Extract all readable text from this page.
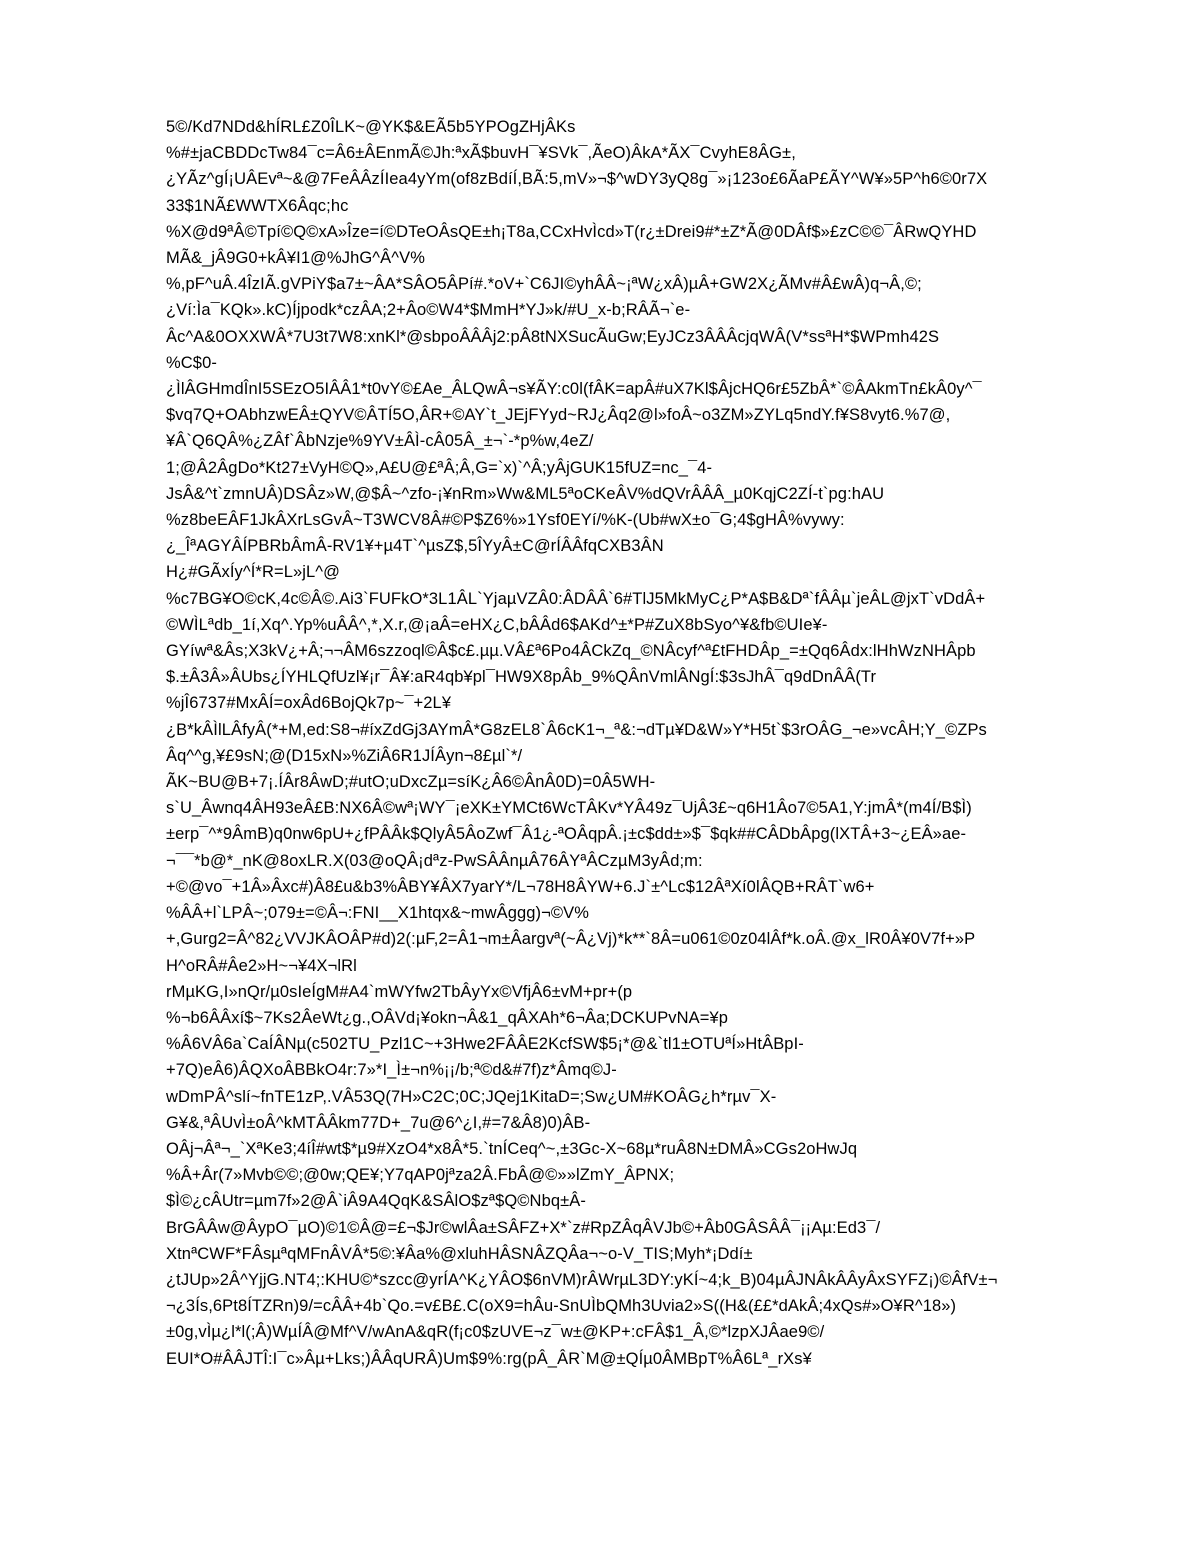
5©/Kd7NDd&hÍRL£Z0ÎLK~@YK$&EÃ5b5YPOgZHjÂKs
%#±jaCBDDcTw84¯c=Â6±ÂEnmÃ©Jh:ªxÃ$buvH¯¥SVk¯,ÃeO)ÂkA*ÃX¯CvyhE8ÂG±,
¿YÃz^gÍ¡UÂEvª~&@7FeÂÂzÍIea4yYm(of8zBdíÍ,BÃ:5,mV»¬$^wDY3yQ8g¯»¡123o£6ÃaP£ÃY^W¥»5P^h6©0r7X
33$1NÃ£WWTX6Âqc;hc
%X@d9ªÂ©Tpí©Q©xA»Îze=í©DTeOÂsQE±h¡T8a,CCxHvÌcd»T(r¿±Drei9#*±Z*Ã@0DÂf$»£zC©©¯ÂRwQYHD
MÃ&_jÂ9G0+kÂ¥I1@%JhG^Â^V%
%,pF^uÂ.4ÎzIÃ.gVPiY$a7±~ÂA*SÂO5ÂPí#.*oV+`C6JI©yhÂÂ~¡ªW¿xÂ)µÂ+GW2X¿ÃMv#Â£wÂ)q¬Â,©;
¿Ví:Ìa¯KQk».kC)Íjpodk*czÂA;2+Âo©W4*$MmH*YJ»k/#U_x-b;RÂÃ¬`e-
Âc^A&0OXXWÂ*7U3t7W8:xnKl*@sbpoÂÂÂj2:pÂ8tNXSucÃuGw;EyJCz3ÂÂÂcjqWÂ(V*ssªH*$WPmh42S
%C$0-
¿ÌlÂGHmdÎnI5SEzO5IÂÂ1*t0vY©£Ae_ÂLQwÂ¬s¥ÃY:c0l(fÂK=apÂ#uX7Kl$ÂjcHQ6r£5ZbÂ*`©ÂAkmTn£kÂ0y^¯
$vq7Q+OAbhzwEÂ±QYV©ÂTÍ5O,ÂR+©AY`t_JEjFYyd~RJ¿Âq2@l»foÂ~o3ZM»ZYLq5ndY.f¥S8vyt6.%7@,
¥Â`Q6QÂ%¿ZÂf`ÂbNzje%9YV±ÂÌ-cÂ05Â_±¬`-*p%w,4eZ/
1;@Â2ÂgDo*Kt27±VyH©Q»,A£U@£ªÂ;Â,G=`x)`^Â;yÂjGUK15fUZ=nc_¯4-
JsÂ&^t`zmnUÂ)DSÂz»W,@$Â~^zfo-¡¥nRm»Ww&ML5ªoCKeÂV%dQVrÂÂÂ_µ0KqjC2ZÍ-t`pg:hAU
%z8beEÂF1JkÂXrLsGvÂ~T3WCV8Â#©P$Z6%»1Ysf0EYí/%K-(Ub#wX±o¯G;4$gHÂ%vywy:
¿_ÎªAGYÂÍPBRbÂmÂ-RV1¥+µ4T`^µsZ$,5ÎYyÂ±C@rÍÂÂfqCXB3ÂN
H¿#GÃxÍy^Í*R=L»jL^@
%c7BG¥O©cK,4c©Â©.Ai3`FUFkO*3L1ÂL`YjaµVZÂ0:ÂDÂÂ`6#TlJ5MkMyC¿P*A$B&Dª`fÂÂµ`jeÂL@jxT`vDdÂ+
©WÌLªdb_1í,Xq^.Yp%uÂÂ^,*,X.r,@¡aÂ=eHX¿C,bÂÂd6$AKd^±*P#ZuX8bSyo^¥&fb©UIe¥-
GYíwª&Âs;X3kV¿+Â;¬¬ÂM6szzoql©Â$c£.µµ.VÂ£ª6Po4ÂCkZq_©NÂcyf^ª£tFHDÂp_=±Qq6Âdx:lHhWzNHÂpb
$.±Â3Â»ÂUbs¿ÍYHLQfUzl¥¡r¯Â¥:aR4qb¥pl¯HW9X8pÂb_9%QÂnVmlÂNgÍ:$3sJhÂ¯q9dDnÂÂ(Tr
%jÎ6737#MxÂÍ=oxÂd6BojQk7p~¯+2L¥
¿B*kÂÌlLÂfyÂ(*+M,ed:S8¬#íxZdGj3AYmÂ*G8zEL8`Â6cK1¬_ª&:¬dTµ¥D&W»Y*H5t`$3rOÂG_¬e»vcÂH;Y_©ZPs
Âq^^g,¥£9sN;@(D15xN»%ZiÂ6R1JÍÂyn¬8£µl`*/
ÃK~BU@B+7¡.ÍÂr8ÂwD;#utO;uDxcZµ=síK¿Â6©ÂnÂ0D)=0Â5WH-
s`U_Âwnq4ÂH93eÂ£B:NX6Â©wª¡WY¯¡eXK±YMCt6WcTÂKv*YÂ49z¯UjÂ3£~q6H1Âo7©5A1,Y:jmÂ*(m4Í/B$Ì)
±erp¯^*9ÂmB)q0nw6pU+¿fPÂÂk$QlyÂ5ÂoZwf¯Â1¿-ªOÂqpÂ.¡±c$dd±»$¯$qk##CÂDbÂpg(lXTÂ+3~¿EÂ»ae-
¬¯¯*b@*_nK@8oxLR.X(03@oQÂ¡dªz-PwSÂÂnµÂ76ÂYªÂCzµM3yÂd;m:
+©@vo¯+1Â»Âxc#)Â8£u&b3%ÂBY¥ÂX7yarY*/L¬78H8ÂYW+6.J`±^Lc$12ÂªXí0lÂQB+RÂT`w6+
%ÂÂ+l`LPÂ~;079±=©Â¬:FNI__X1htqx&~mwÂggg)¬©V%
+,Gurg2=Â^82¿VVJKÂOÂP#d)2(:µF,2=Â1¬m±Âargvª(~Â¿Vj)*k**`8Â=u061©0z04lÂf*k.oÂ.@x_lR0Â¥0V7f+»P
H^oRÂ#Âe2»H~¬¥4X¬lRl
rMµKG,I»nQr/µ0sIeÍgM#A4`mWYfw2TbÂyYx©VfjÂ6±vM+pr+(p
%¬b6ÂÂxí$~7Ks2ÂeWt¿g.,OÂVd¡¥okn¬Â&1_qÂXAh*6¬Âa;DCKUPvNA=¥p
%Â6VÂ6a`CaÍÂNµ(c502TU_Pzl1C~+3Hwe2FÂÂE2KcfSW$5¡*@&`tl1±OTUªÍ»HtÂBpI-
+7Q)eÂ6)ÂQXoÂBBkO4r:7»*I_Ì±¬n%¡¡/b;ª©d&#7f)z*Âmq©J-
wDmPÂ^slí~fnTE1zP,.VÂ53Q(7H»C2C;0C;JQej1KitaD=;Sw¿UM#KOÂG¿h*rµv¯X-
G¥&,ªÂUvÌ±oÂ^kMTÂÂkm77D+_7u@6^¿I,#=7&Â8)0)ÂB-
OÂj¬Âª¬_`XªKe3;4íÎ#wt$*µ9#XzO4*x8Â*5.`tnÍCeq^~,±3Gc-X~68µ*ruÂ8N±DMÂ»CGs2oHwJq
%Â+Âr(7»Mvb©©;@0w;QE¥;Y7qAP0jªza2Â.FbÂ@©»»lZmY_ÂPNX;
$Ì©¿cÂUtr=µm7f»2@Â`iÂ9A4QqK&SÂlO$zª$Q©Nbq±Â-
BrGÂÂw@ÂypO¯µO)©1©Â@=£¬$Jr©wlÂa±SÂFZ+X*`z#RpZÂqÂVJb©+Âb0GÂSÂÂ¯¡¡Aµ:Ed3¯/
XtnªCWF*FÂsµªqMFnÂVÂ*5©:¥Âa%@xluhHÂSNÂZQÂa¬~o-V_TIS;Myh*¡Ddí±
¿tJUp»2Â^YjjG.NT4;:KHU©*szcc@yrÍA^K¿YÂO$6nVM)rÂWrµL3DY:yKÍ~4;k_B)04µÂJNÂkÂÂyÂxSYFZ¡)©ÂfV±¬
¬¿3Ís,6Pt8ÍTZRn)9/=cÂÂ+4b`Qo.=v£B£.C(oX9=hÂu-SnUÌbQMh3Uvia2»S((H&(££*dAkÂ;4xQs#»O¥R^18»)
±0g,vÌµ¿l*l(;Â)WµÍÂ@Mf^V/wAnA&qR(f¡c0$zUVE¬z¯w±@KP+:cFÂ$1_Â,©*lzpXJÂae9©/
EUI*O#ÂÂJTÎ:I¯c»Âµ+Lks;)ÂÂqURÂ)Um$9%:rg(pÂ_ÂR`M@±QÍµ0ÂMBpT%Â6Lª_rXs¥
